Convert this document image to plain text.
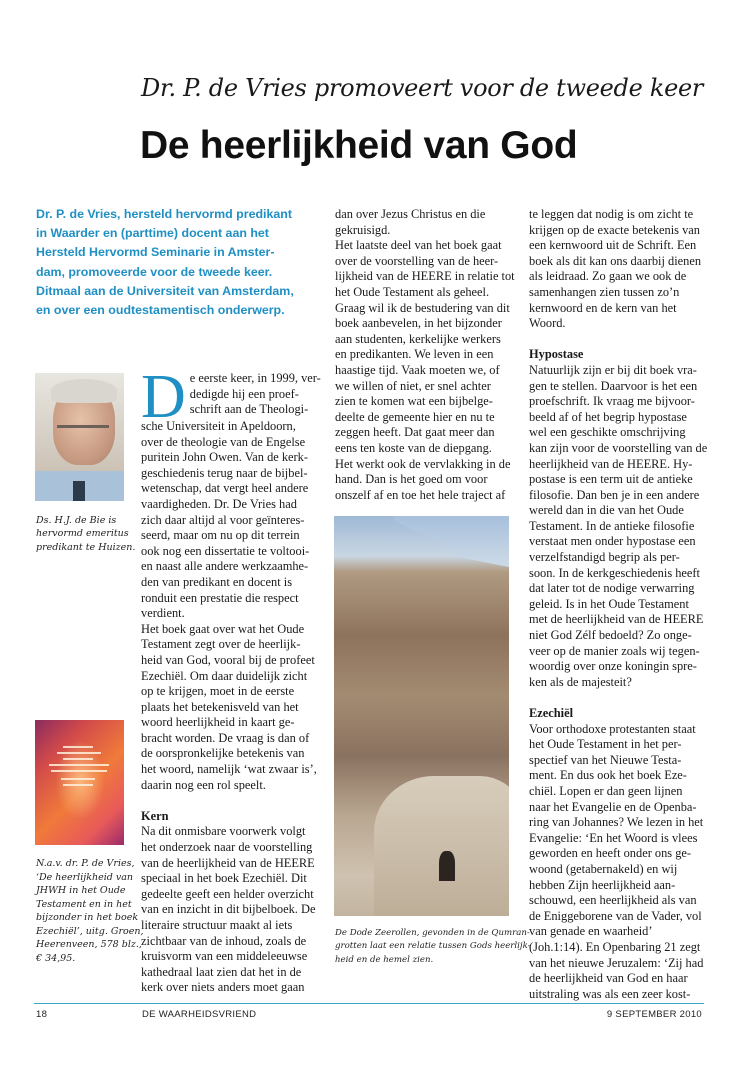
Dr. P. de Vries promoveert voor de tweede keer
De heerlijkheid van God
Dr. P. de Vries, hersteld hervormd predikant
in Waarder en (parttime) docent aan het
Hersteld Hervormd Seminarie in Amster-
dam, promoveerde voor de tweede keer.
Ditmaal aan de Universiteit van Amsterdam,
en over een oudtestamentisch onderwerp.
Ds. H.J. de Bie is
hervormd emeritus
predikant te Huizen.
N.a.v. dr. P. de Vries,
‘De heerlijkheid van
JHWH in het Oude
Testament en in het
bijzonder in het boek
Ezechiël’, uitg. Groen,
Heerenveen, 578 blz.,
€ 34,95.
D e eerste keer, in 1999, ver-
dedigde hij een proef-
schrift aan de Theologi-
sche Universiteit in Apeldoorn,
over de theologie van de Engelse
puritein John Owen. Van de kerk-
geschiedenis terug naar de bijbel-
wetenschap, dat vergt heel andere
vaardigheden. Dr. De Vries had
zich daar altijd al voor geïnteres-
seerd, maar om nu op dit terrein
ook nog een dissertatie te voltooi-
en naast alle andere werkzaamhe-
den van predikant en docent is
ronduit een prestatie die respect
verdient.
Het boek gaat over wat het Oude
Testament zegt over de heerlijk-
heid van God, vooral bij de profeet
Ezechiël. Om daar duidelijk zicht
op te krijgen, moet in de eerste
plaats het betekenisveld van het
woord heerlijkheid in kaart ge-
bracht worden. De vraag is dan of
de oorspronkelijke betekenis van
het woord, namelijk ‘wat zwaar is’,
daarin nog een rol speelt.
Kern
Na dit onmisbare voorwerk volgt
het onderzoek naar de voorstelling
van de heerlijkheid van de HEERE
speciaal in het boek Ezechiël. Dit
gedeelte geeft een helder overzicht
van en inzicht in dit bijbelboek. De
literaire structuur maakt al iets
zichtbaar van de inhoud, zoals de
kruisvorm van een middeleeuwse
kathedraal laat zien dat het in de
kerk over niets anders moet gaan
dan over Jezus Christus en die
gekruisigd.
Het laatste deel van het boek gaat
over de voorstelling van de heer-
lijkheid van de HEERE in relatie tot
het Oude Testament als geheel.
Graag wil ik de bestudering van dit
boek aanbevelen, in het bijzonder
aan studenten, kerkelijke werkers
en predikanten. We leven in een
haastige tijd. Vaak moeten we, of
we willen of niet, er snel achter
zien te komen wat een bijbelge-
deelte de gemeente hier en nu te
zeggen heeft. Dat gaat meer dan
eens ten koste van de diepgang.
Het werkt ook de vervlakking in de
hand. Dan is het goed om voor
onszelf af en toe het hele traject af
De Dode Zeerollen, gevonden in de Qumran-
grotten laat een relatie tussen Gods heerlijk-
heid en de hemel zien.
te leggen dat nodig is om zicht te
krijgen op de exacte betekenis van
een kernwoord uit de Schrift. Een
boek als dit kan ons daarbij dienen
als leidraad. Zo gaan we ook de
samenhangen zien tussen zo’n
kernwoord en de kern van het
Woord.
Hypostase
Natuurlijk zijn er bij dit boek vra-
gen te stellen. Daarvoor is het een
proefschrift. Ik vraag me bijvoor-
beeld af of het begrip hypostase
wel een geschikte omschrijving
kan zijn voor de voorstelling van de
heerlijkheid van de HEERE. Hy-
postase is een term uit de antieke
filosofie. Dan ben je in een andere
wereld dan in die van het Oude
Testament. In de antieke filosofie
verstaat men onder hypostase een
verzelfstandigd begrip als per-
soon. In de kerkgeschiedenis heeft
dat later tot de nodige verwarring
geleid. Is in het Oude Testament
met de heerlijkheid van de HEERE
niet God Zélf bedoeld? Zo onge-
veer op de manier zoals wij tegen-
woordig over onze koningin spre-
ken als de majesteit?
Ezechiël
Voor orthodoxe protestanten staat
het Oude Testament in het per-
spectief van het Nieuwe Testa-
ment. En dus ook het boek Eze-
chiël. Lopen er dan geen lijnen
naar het Evangelie en de Openba-
ring van Johannes? We lezen in het
Evangelie: ‘En het Woord is vlees
geworden en heeft onder ons ge-
woond (getabernakeld) en wij
hebben Zijn heerlijkheid aan-
schouwd, een heerlijkheid als van
de Eniggeborene van de Vader, vol
van genade en waarheid’
(Joh.1:14). En Openbaring 21 zegt
van het nieuwe Jeruzalem: ‘Zij had
de heerlijkheid van God en haar
uitstraling was als een zeer kost-
18	DE WAARHEIDSVRIEND	9 SEPTEMBER 2010
